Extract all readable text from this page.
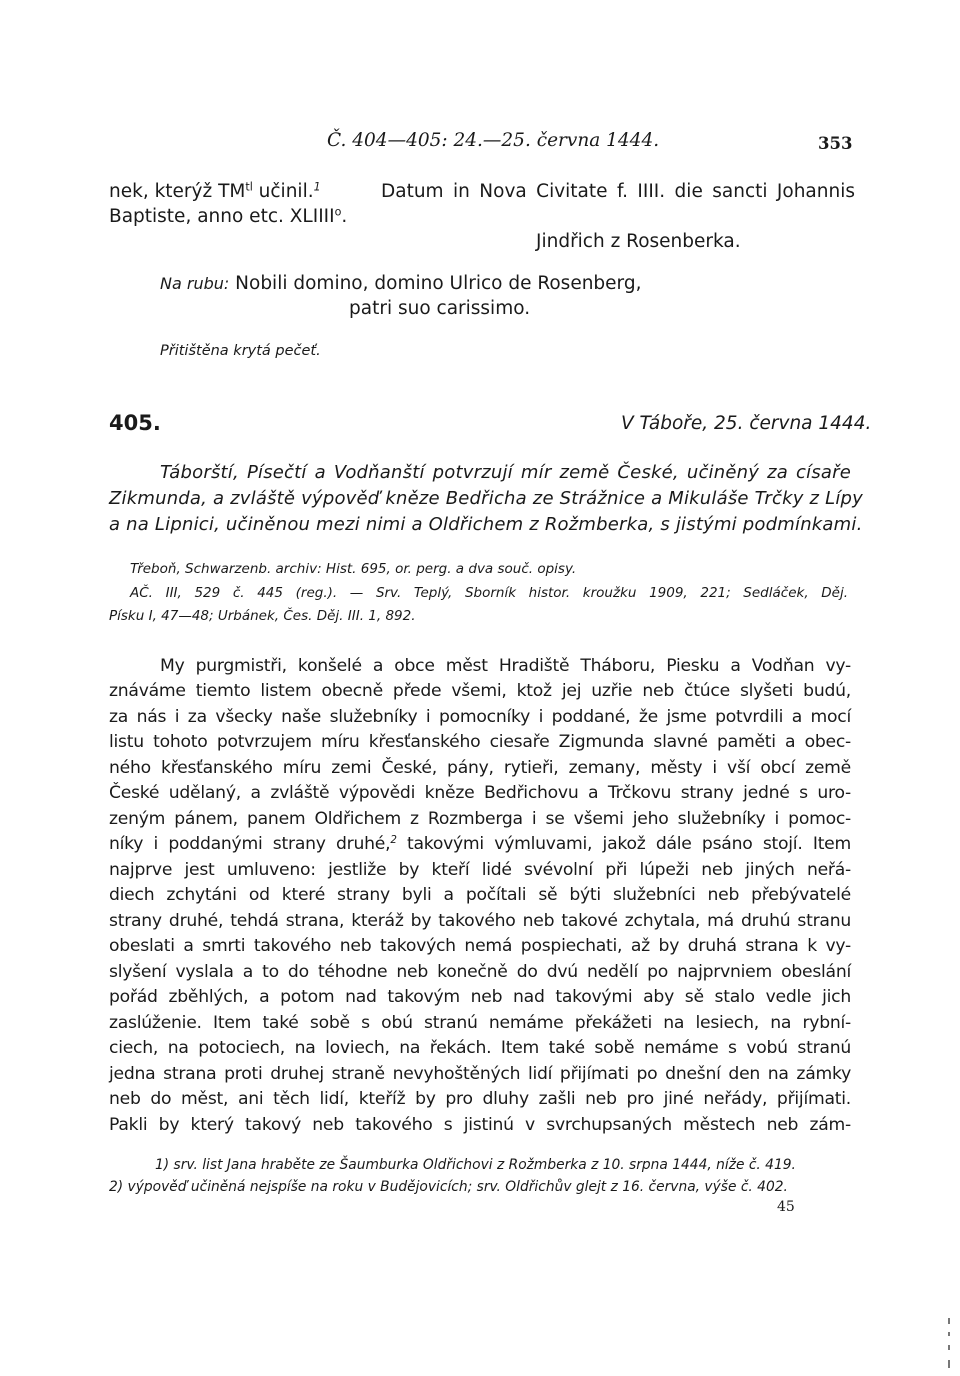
Č. 404—405: 24.—25. června 1444.	353
nek, kterýž $TM^{tl}$ učinil.$^1$	Datum in Nova Civitate f. IIII. die sancti Johannis
Baptiste, anno etc. XLIIII$^o$.
Jindřich z Rosenberka.
Na rubu: Nobili domino, domino Ulrico de Rosenberg,
patri suo carissimo.
Přitištěna krytá pečeť.
405.	V Táboře, 25. června 1444.
Táborští, Písečtí a Vodňanští potvrzují mír země České, učiněný za císaře
Zikmunda, a zvláště výpověď kněze Bedřicha ze Strážnice a Mikuláše Trčky z Lípy
a na Lipnici, učiněnou mezi nimi a Oldřichem z Rožmberka, s jistými podmínkami.
Třeboň, Schwarzenb. archiv: Hist. 695, or. perg. a dva souč. opisy.
AČ. III, 529 č. 445 (reg.). — Srv. Teplý, Sborník histor. kroužku 1909, 221; Sedláček, Děj.
Písku I, 47—48; Urbánek, Čes. Děj. III. 1, 892.
My purgmistři, konšelé a obce měst Hradiště Tháboru, Piesku a Vodňan vy-
znáváme tiemto listem obecně přede všemi, ktož jej uzřie neb čtúce slyšeti budú,
za nás i za všecky naše služebníky i pomocníky i poddané, že jsme potvrdili a mocí
listu tohoto potvrzujem míru křesťanského ciesaře Zigmunda slavné paměti a obec-
ného křesťanského míru zemi České, pány, rytieři, zemany, městy i vší obcí země
České udělaný, a zvláště výpovědi kněze Bedřichovu a Trčkovu strany jedné s uro-
zeným pánem, panem Oldřichem z Rozmberga i se všemi jeho služebníky i pomoc-
níky i poddanými strany druhé,$^2$ takovými výmluvami, jakož dále psáno stojí. Item
najprve jest umluveno: jestliže by kteří lidé svévolní při lúpeži neb jiných neřá-
diech zchytáni od které strany byli a počítali sě býti služebníci neb přebývatelé
strany druhé, tehdá strana, kteráž by takového neb takové zchytala, má druhú stranu
obeslati a smrti takového neb takových nemá pospiechati, až by druhá strana k vy-
slyšení vyslala a to do téhodne neb konečně do dvú nedělí po najprvniem obeslání
pořád zběhlých, a potom nad takovým neb nad takovými aby sě stalo vedle jich
zaslúženie. Item také sobě s obú stranú nemáme překážeti na lesiech, na rybní-
ciech, na potociech, na loviech, na řekách. Item také sobě nemáme s vobú stranú
jedna strana proti druhej straně nevyhoštěných lidí přijímati po dnešní den na zámky
neb do měst, ani těch lidí, kteříž by pro dluhy zašli neb pro jiné neřády, přijímati.
Pakli by který takový neb takového s jistinú v svrchupsaných městech neb zám-
1) srv. list Jana hraběte ze Šaumburka Oldřichovi z Rožmberka z 10. srpna 1444, níže č. 419.
2) výpověď učiněná nejspíše na roku v Budějovicích; srv. Oldřichův glejt z 16. června, výše č. 402.
45
